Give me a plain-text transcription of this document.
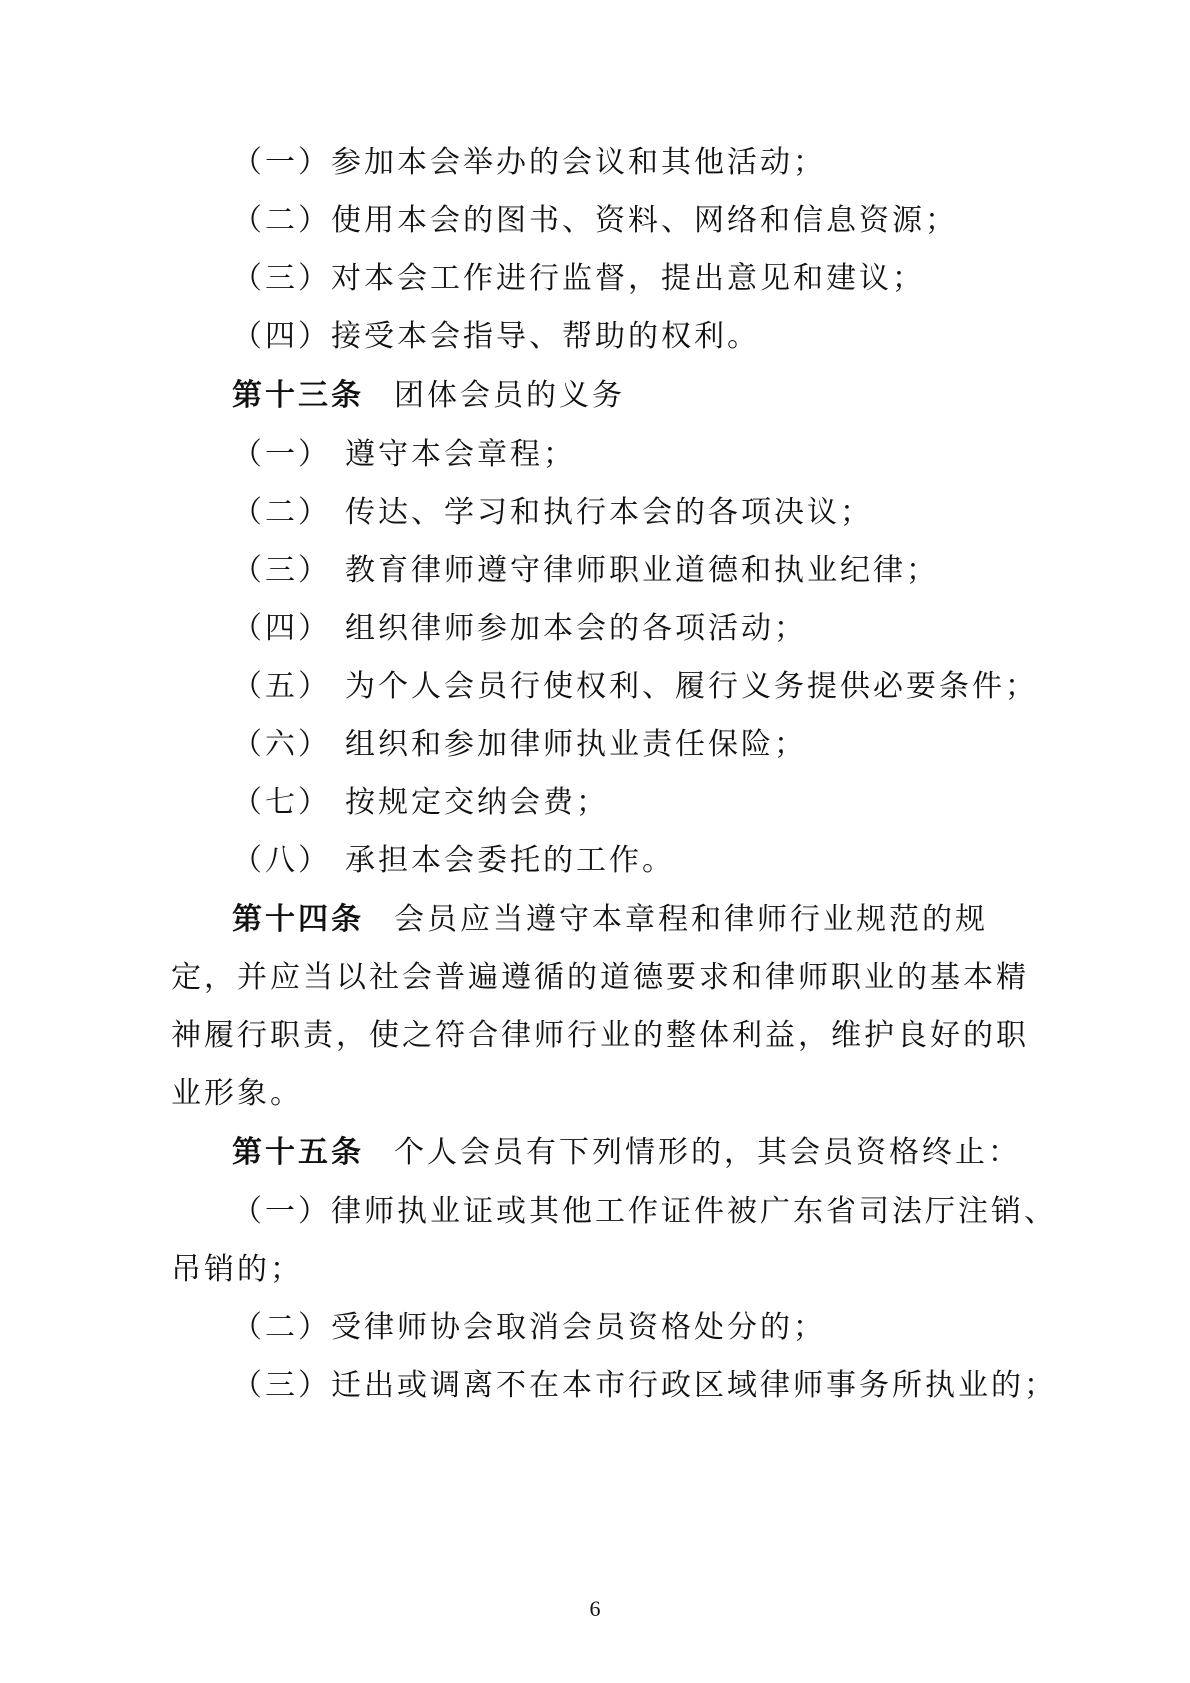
（一）参加本会举办的会议和其他活动；
（二）使用本会的图书、资料、网络和信息资源；
（三）对本会工作进行监督，提出意见和建议；
（四）接受本会指导、帮助的权利。
第十三条 团体会员的义务
（一） 遵守本会章程；
（二） 传达、学习和执行本会的各项决议；
（三） 教育律师遵守律师职业道德和执业纪律；
（四） 组织律师参加本会的各项活动；
（五） 为个人会员行使权利、履行义务提供必要条件；
（六） 组织和参加律师执业责任保险；
（七） 按规定交纳会费；
（八） 承担本会委托的工作。
第十四条 会员应当遵守本章程和律师行业规范的规
定，并应当以社会普遍遵循的道德要求和律师职业的基本精
神履行职责，使之符合律师行业的整体利益，维护良好的职
业形象。
第十五条 个人会员有下列情形的，其会员资格终止：
（一）律师执业证或其他工作证件被广东省司法厅注销、
吊销的；
（二）受律师协会取消会员资格处分的；
（三）迁出或调离不在本市行政区域律师事务所执业的；
6
